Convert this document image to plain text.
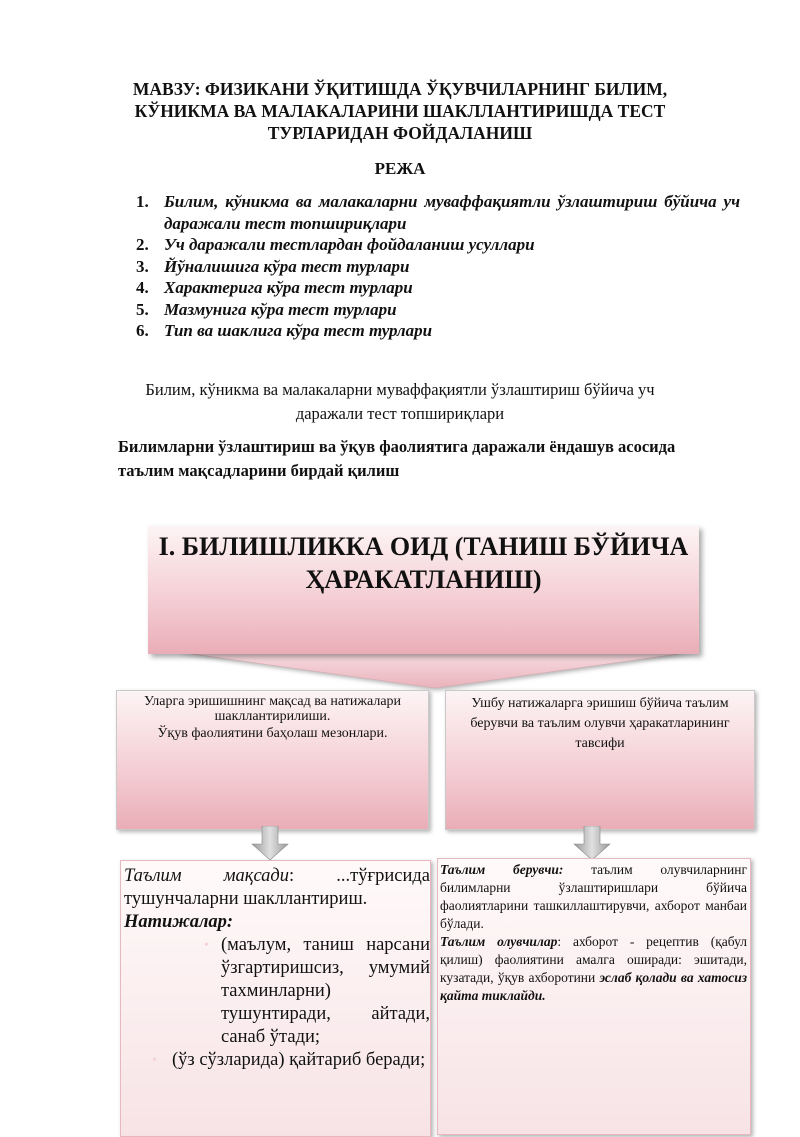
МАВЗУ: ФИЗИКАНИ ЎҚИТИШДА ЎҚУВЧИЛАРНИНГ БИЛИМ, КЎНИКМА ВА МАЛАКАЛАРИНИ ШАКЛЛАНТИРИШДА ТЕСТ ТУРЛАРИДАН ФОЙДАЛАНИШ
РЕЖА
1. Билим, кўникма ва малакаларни муваффақиятли ўзлаштириш бўйича уч даражали тест топшириқлари
2. Уч даражали тестлардан фойдаланиш усуллари
3. Йўналишига кўра тест турлари
4. Характерига кўра тест турлари
5. Мазмунига кўра тест турлари
6. Тип ва шаклига кўра тест турлари
Билим, кўникма ва малакаларни муваффақиятли ўзлаштириш бўйича уч даражали тест топшириқлари
Билимларни ўзлаштириш ва ўқув фаолиятига даражали ёндашув асосида таълим мақсадларини бирдай қилиш
I. БИЛИШЛИККА ОИД (ТАНИШ БЎЙИЧА ҲАРАКАТЛАНИШ)
Уларга эришишнинг мақсад ва натижалари шакллантирилиши.
Ўқув фаолиятини баҳолаш мезонлари.
Ушбу натижаларга эришиш бўйича таълим берувчи ва таълим олувчи ҳаракатларининг тавсифи
Таълим мақсади: ...тўғрисида тушунчаларни шакллантириш.
Натижалар:
• (маълум, таниш нарсани ўзгартиришсиз, умумий тахминларни) тушунтиради, айтади, санаб ўтади;
• (ўз сўзларида) қайтариб беради;
Таълим берувчи: таълим олувчиларнинг билимларни ўзлаштиришлари бўйича фаолиятларини ташкиллаштирувчи, ахборот манбаи бўлади.
Таълим олувчилар: ахборот - рецептив (қабул қилиш) фаолиятини амалга оширади: эшитади, кузатади, ўқув ахборотини эслаб қолади ва хатосиз қайта тиклайди.
